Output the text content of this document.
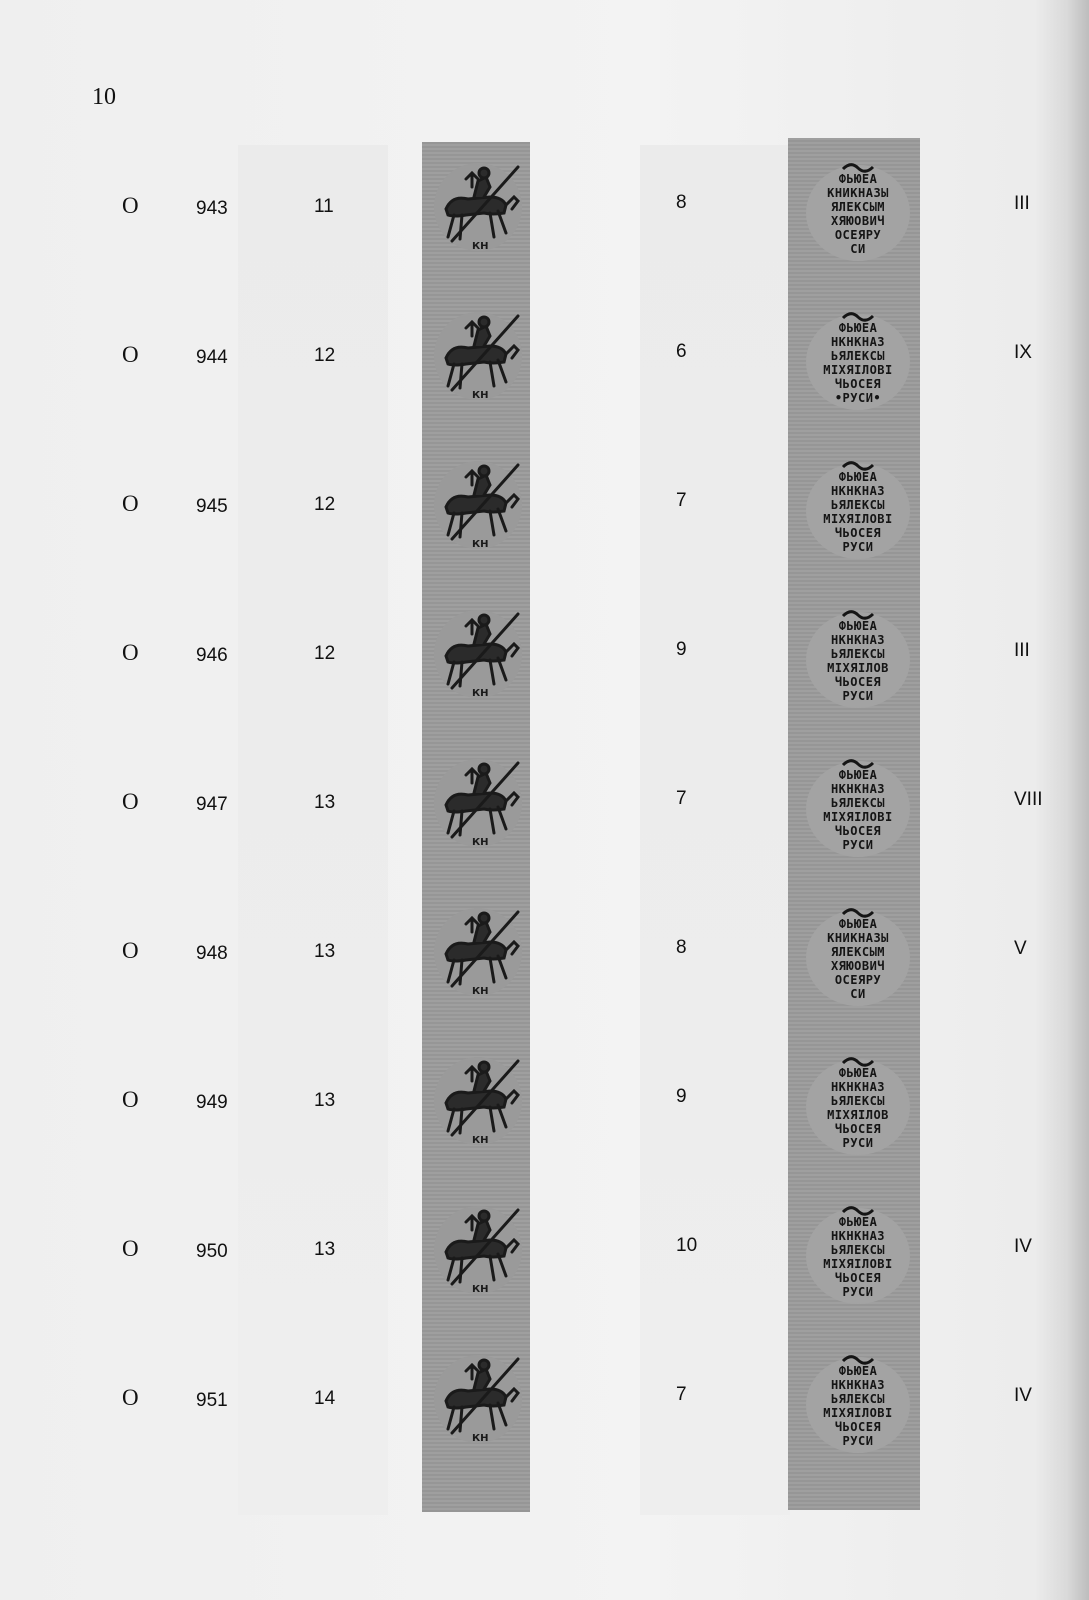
10
O	943	11	8	III
КН
ФЬЮЕА
КНИКНАЗЫ
ЯЛЕКСЫМ
ХЯЮОВИЧ
ОСЕЯРУ
СИ
O	944	12	6	IX
КН
ФЬЮЕА
НКНКНАЗ
ЬЯЛЕКСЫ
МIХЯIЛОВI
ЧЬОСЕЯ
•РУСИ•
O	945	12	7
КН
ФЬЮЕА
НКНКНАЗ
ЬЯЛЕКСЫ
МIХЯIЛОВI
ЧЬОСЕЯ
РУСИ
O	946	12	9	III
КН
ФЬЮЕА
НКНКНАЗ
ЬЯЛЕКСЫ
МIХЯIЛОВ
ЧЬОСЕЯ
РУСИ
O	947	13	7	VIII
КН
ФЬЮЕА
НКНКНАЗ
ЬЯЛЕКСЫ
МIХЯIЛОВI
ЧЬОСЕЯ
РУСИ
O	948	13	8	V
КН
ФЬЮЕА
КНИКНАЗЫ
ЯЛЕКСЫМ
ХЯЮОВИЧ
ОСЕЯРУ
СИ
O	949	13	9
КН
ФЬЮЕА
НКНКНАЗ
ЬЯЛЕКСЫ
МIХЯIЛОВ
ЧЬОСЕЯ
РУСИ
O	950	13	10	IV
КН
ФЬЮЕА
НКНКНАЗ
ЬЯЛЕКСЫ
МIХЯIЛОВI
ЧЬОСЕЯ
РУСИ
O	951	14	7	IV
КН
ФЬЮЕА
НКНКНАЗ
ЬЯЛЕКСЫ
МIХЯIЛОВI
ЧЬОСЕЯ
РУСИ
